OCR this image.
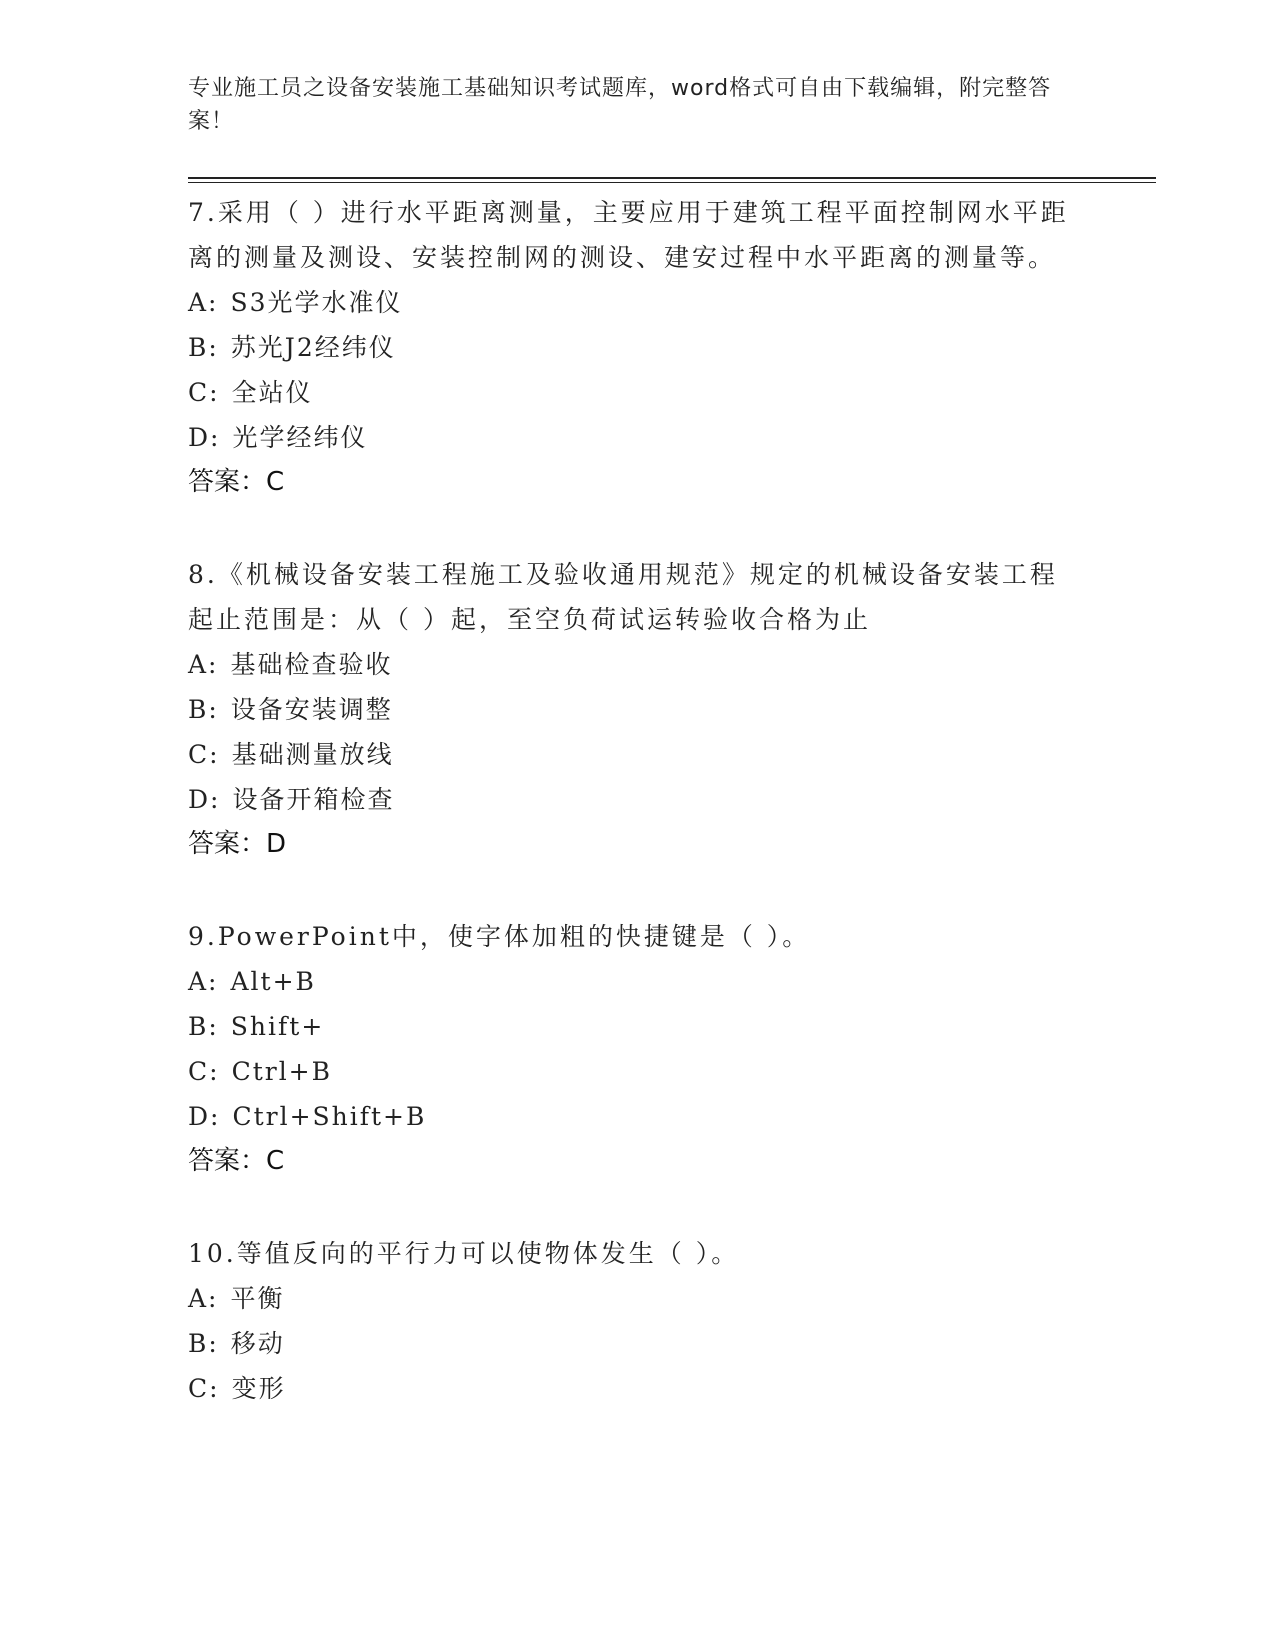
专业施工员之设备安装施工基础知识考试题库，word格式可自由下载编辑，附完整答案！
7.采用（ ）进行水平距离测量，主要应用于建筑工程平面控制网水平距离的测量及测设、安装控制网的测设、建安过程中水平距离的测量等。
A: S3光学水准仪
B: 苏光J2经纬仪
C: 全站仪
D: 光学经纬仪
答案：C
8.《机械设备安装工程施工及验收通用规范》规定的机械设备安装工程起止范围是：从（ ）起，至空负荷试运转验收合格为止
A: 基础检查验收
B: 设备安装调整
C: 基础测量放线
D: 设备开箱检查
答案：D
9.PowerPoint中，使字体加粗的快捷键是（ ）。
A: Alt+B
B: Shift+
C: Ctrl+B
D: Ctrl+Shift+B
答案：C
10.等值反向的平行力可以使物体发生（ ）。
A: 平衡
B: 移动
C: 变形
